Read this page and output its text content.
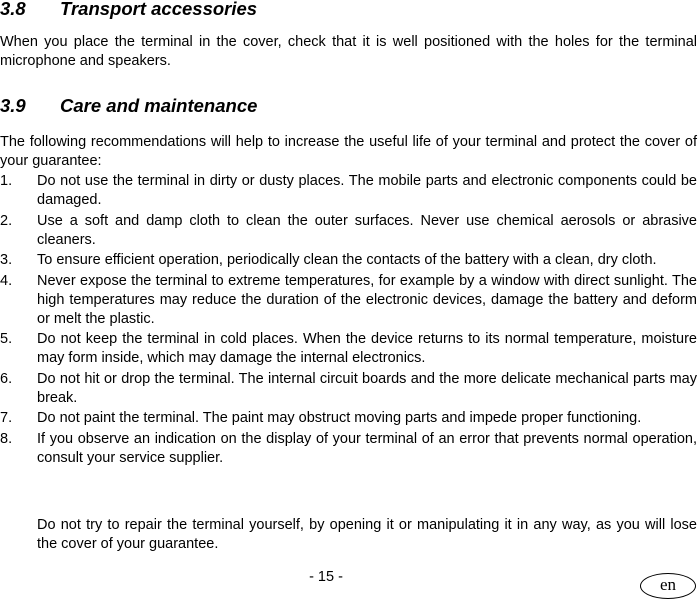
3.8 Transport accessories

When you place the terminal in the cover, check that it is well positioned with the holes for the terminal microphone and speakers.

3.9 Care and maintenance

The following recommendations will help to increase the useful life of your terminal and protect the cover of your guarantee:

1. Do not use the terminal in dirty or dusty places. The mobile parts and electronic components could be damaged.
2. Use a soft and damp cloth to clean the outer surfaces. Never use chemical aerosols or abrasive cleaners.
3. To ensure efficient operation, periodically clean the contacts of the battery with a clean, dry cloth.
4. Never expose the terminal to extreme temperatures, for example by a window with direct sunlight. The high temperatures may reduce the duration of the electronic devices, damage the battery and deform or melt the plastic.
5. Do not keep the terminal in cold places. When the device returns to its normal temperature, moisture may form inside, which may damage the internal electronics.
6. Do not hit or drop the terminal. The internal circuit boards and the more delicate mechanical parts may break.
7. Do not paint the terminal. The paint may obstruct moving parts and impede proper functioning.
8. If you observe an indication on the display of your terminal of an error that prevents normal operation, consult your service supplier.

Do not try to repair the terminal yourself, by opening it or manipulating it in any way, as you will lose the cover of your guarantee.

- 15 -	en
